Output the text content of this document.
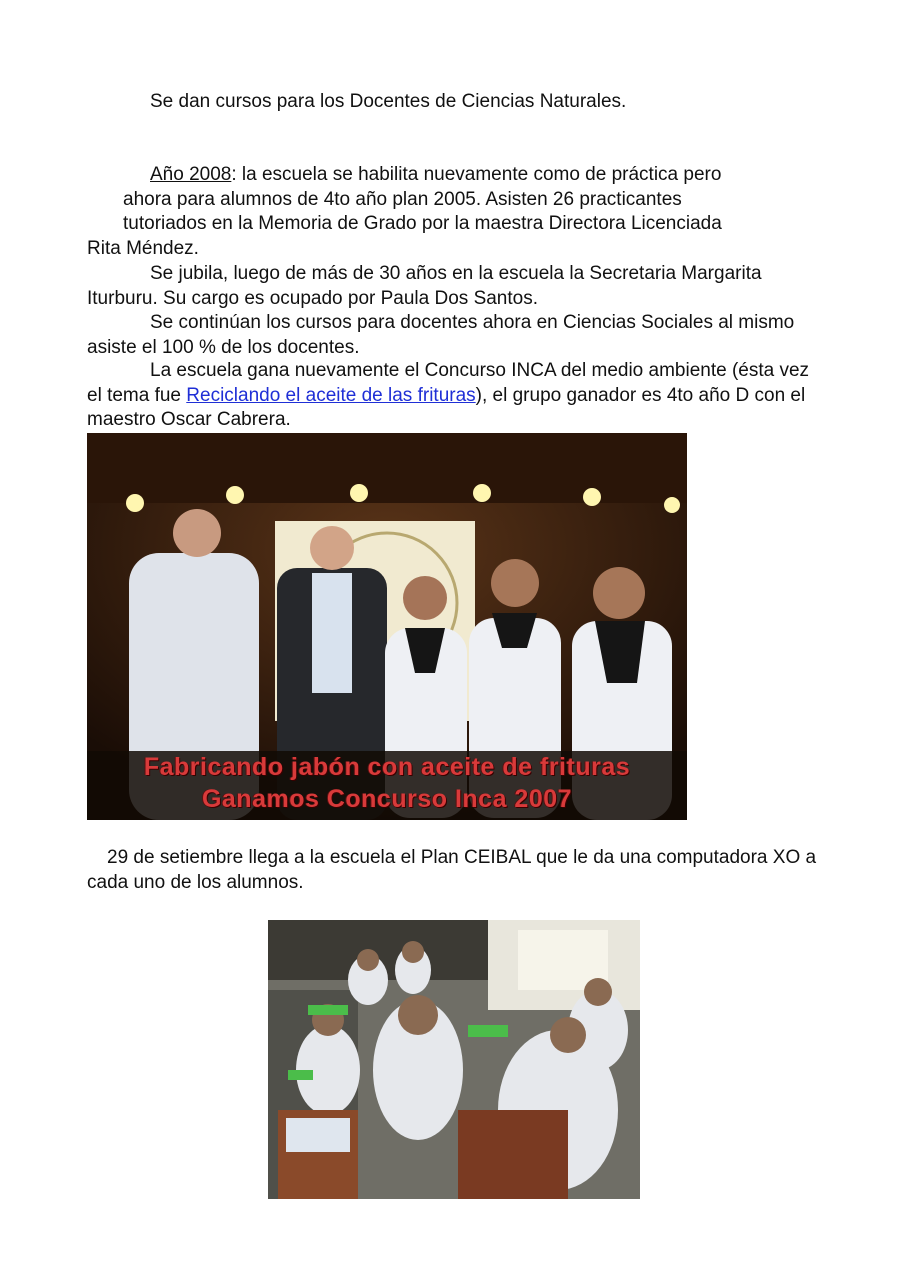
Se dan cursos para los Docentes de Ciencias Naturales.

Año 2008: la escuela se habilita nuevamente como de práctica pero
ahora para alumnos de 4to año plan 2005. Asisten 26 practicantes
tutoriados en la Memoria de Grado por la maestra Directora Licenciada
Rita Méndez.

Se jubila, luego de más de 30 años en la escuela la Secretaria Margarita Iturburu. Su cargo es ocupado por Paula Dos Santos.

Se continúan los cursos para docentes ahora en Ciencias Sociales al mismo asiste el 100 % de los docentes.

La escuela gana nuevamente el Concurso INCA del medio ambiente (ésta vez el tema fue Reciclando el aceite de las frituras), el grupo ganador es 4to año D con el maestro Oscar Cabrera.

Fabricando jabón con aceite de frituras
Ganamos Concurso Inca 2007

29 de setiembre llega a la escuela el Plan CEIBAL que le da una computadora XO a cada uno de los alumnos.
